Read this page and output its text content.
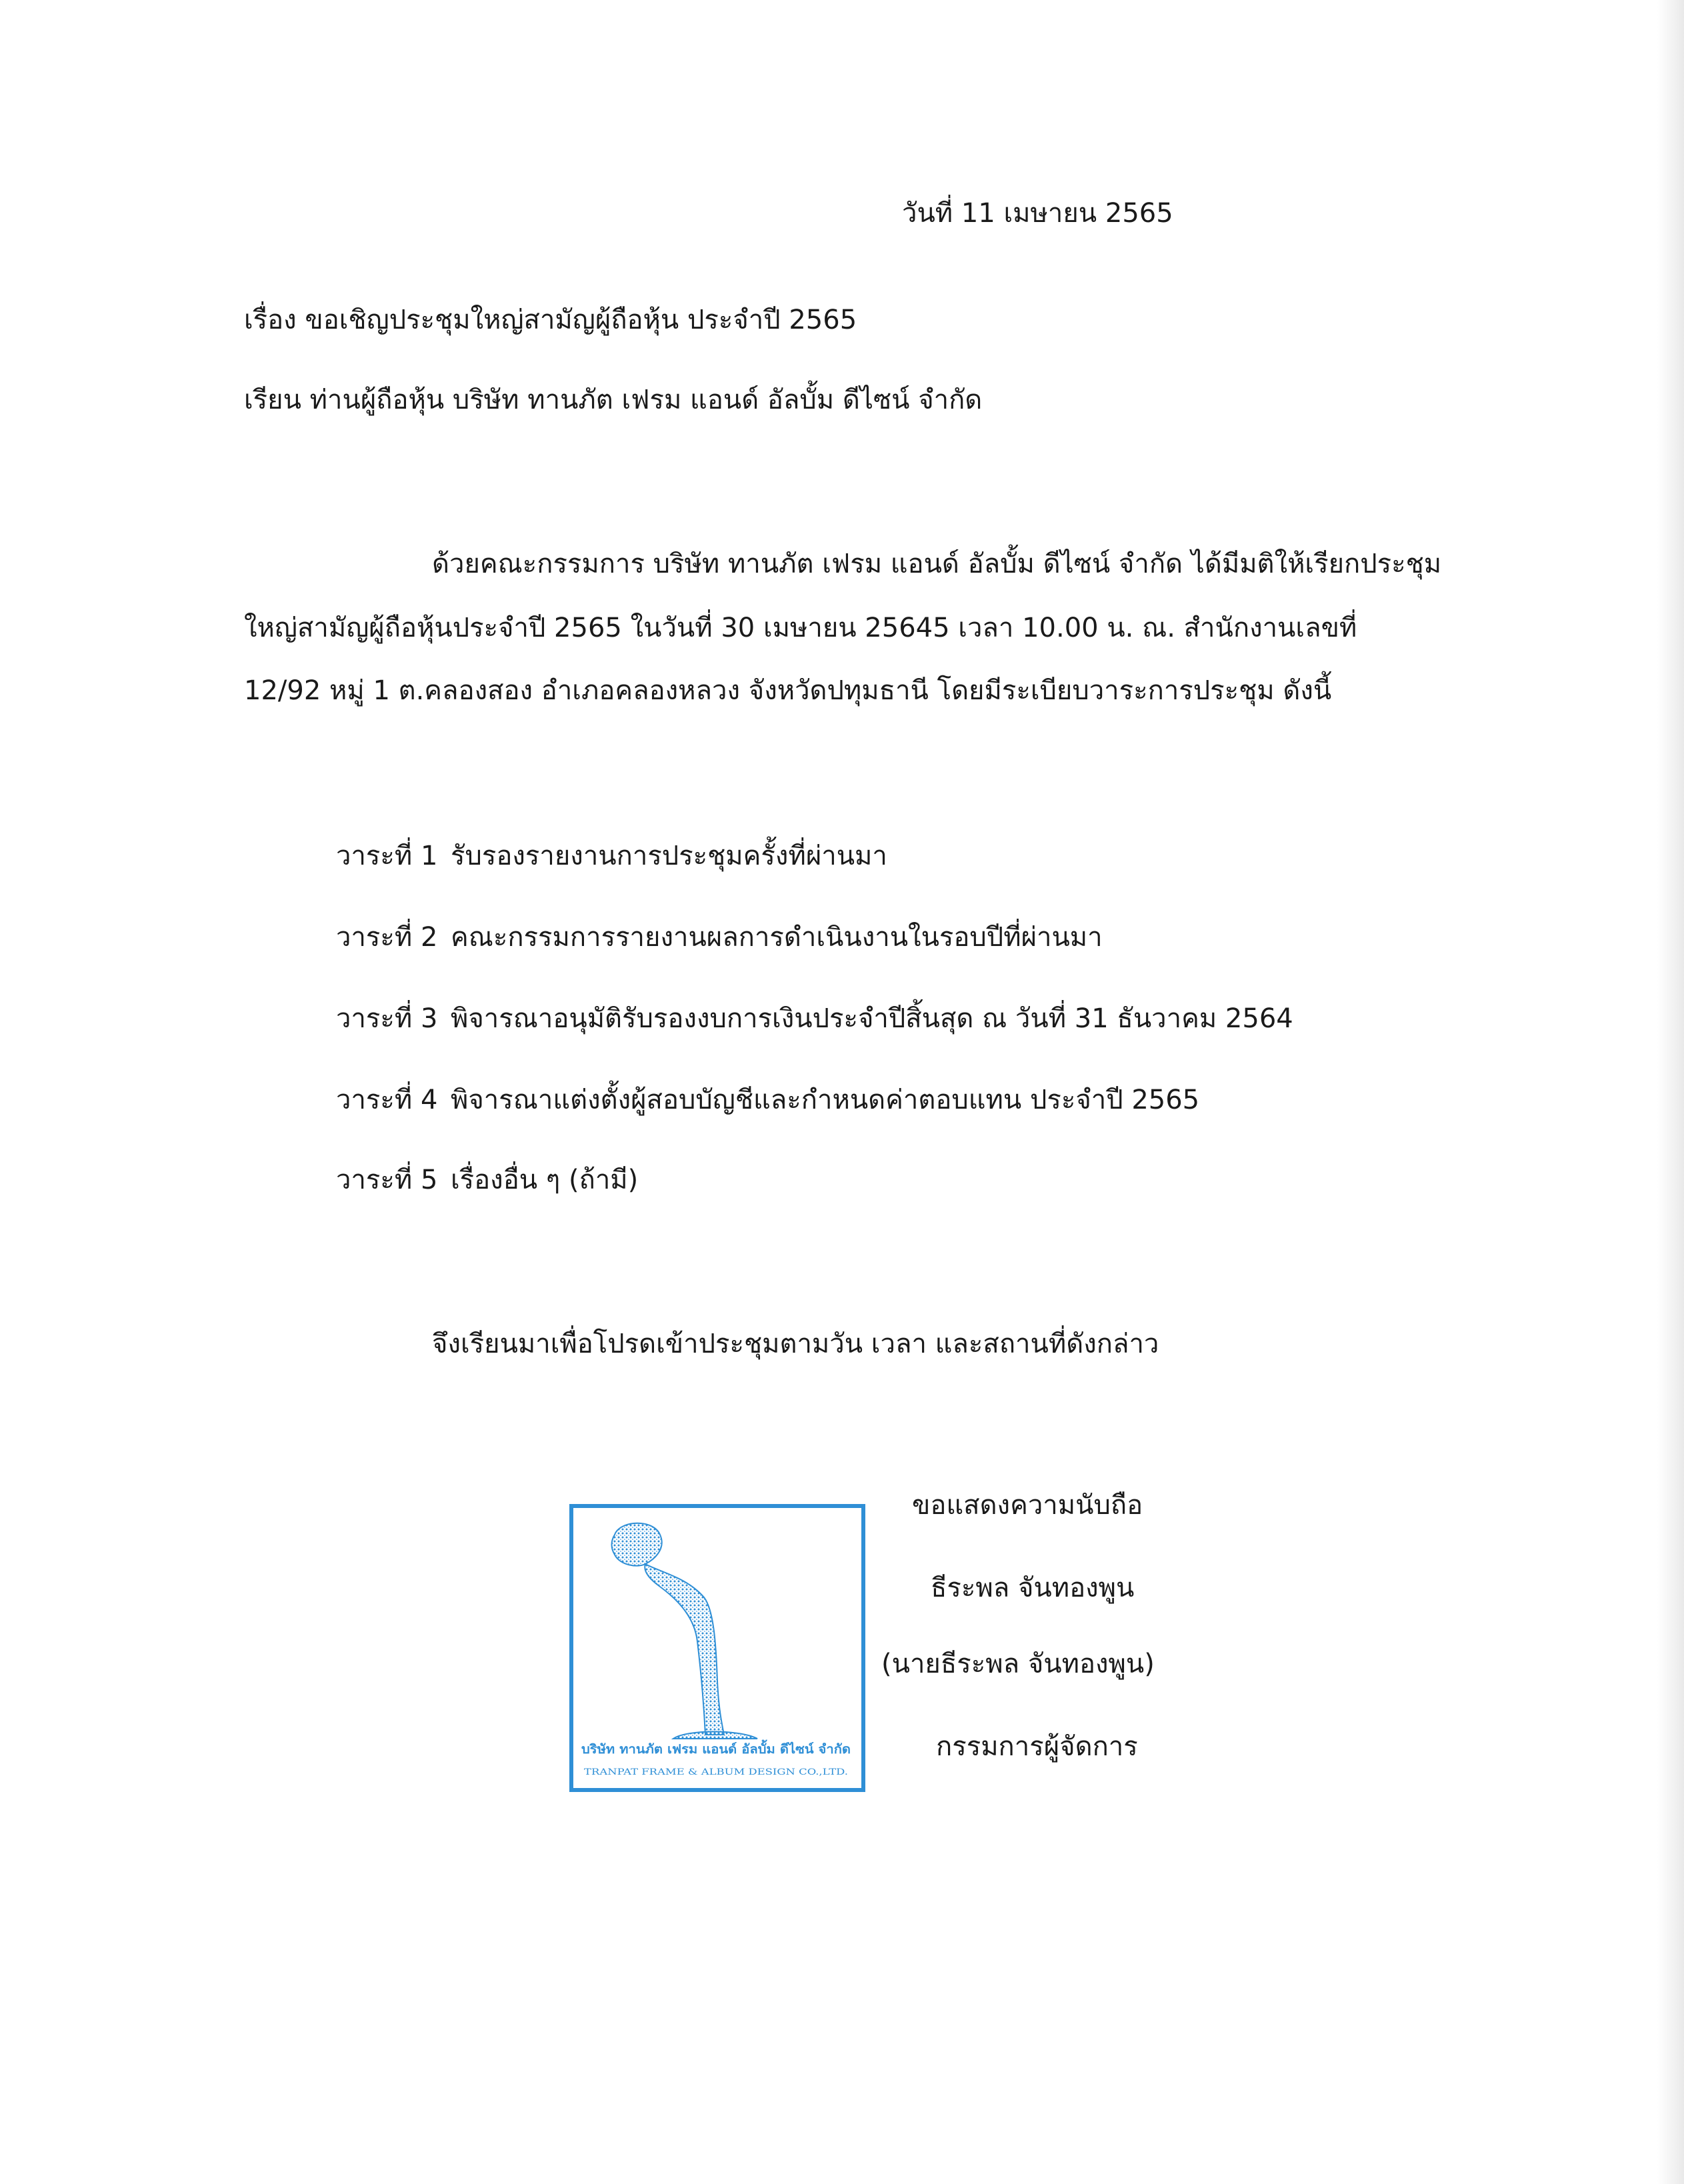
วันที่ 11 เมษายน 2565
เรื่อง ขอเชิญประชุมใหญ่สามัญผู้ถือหุ้น ประจำปี 2565
เรียน ท่านผู้ถือหุ้น บริษัท ทานภัต เฟรม แอนด์ อัลบั้ม ดีไซน์ จำกัด
ด้วยคณะกรรมการ บริษัท ทานภัต เฟรม แอนด์ อัลบั้ม ดีไซน์ จำกัด ได้มีมติให้เรียกประชุม
ใหญ่สามัญผู้ถือหุ้นประจำปี 2565 ในวันที่ 30 เมษายน 25645 เวลา 10.00 น. ณ. สำนักงานเลขที่
12/92 หมู่ 1 ต.คลองสอง อำเภอคลองหลวง จังหวัดปทุมธานี โดยมีระเบียบวาระการประชุม ดังนี้
วาระที่ 1 รับรองรายงานการประชุมครั้งที่ผ่านมา
วาระที่ 2 คณะกรรมการรายงานผลการดำเนินงานในรอบปีที่ผ่านมา
วาระที่ 3 พิจารณาอนุมัติรับรองงบการเงินประจำปีสิ้นสุด ณ วันที่ 31 ธันวาคม 2564
วาระที่ 4 พิจารณาแต่งตั้งผู้สอบบัญชีและกำหนดค่าตอบแทน ประจำปี 2565
วาระที่ 5 เรื่องอื่น ๆ (ถ้ามี)
จึงเรียนมาเพื่อโปรดเข้าประชุมตามวัน เวลา และสถานที่ดังกล่าว
ขอแสดงความนับถือ
ธีระพล จันทองพูน
(นายธีระพล จันทองพูน)
กรรมการผู้จัดการ
บริษัท ทานภัต เฟรม แอนด์ อัลบั้ม ดีไซน์ จำกัด
TRANPAT FRAME & ALBUM DESIGN CO.,LTD.
